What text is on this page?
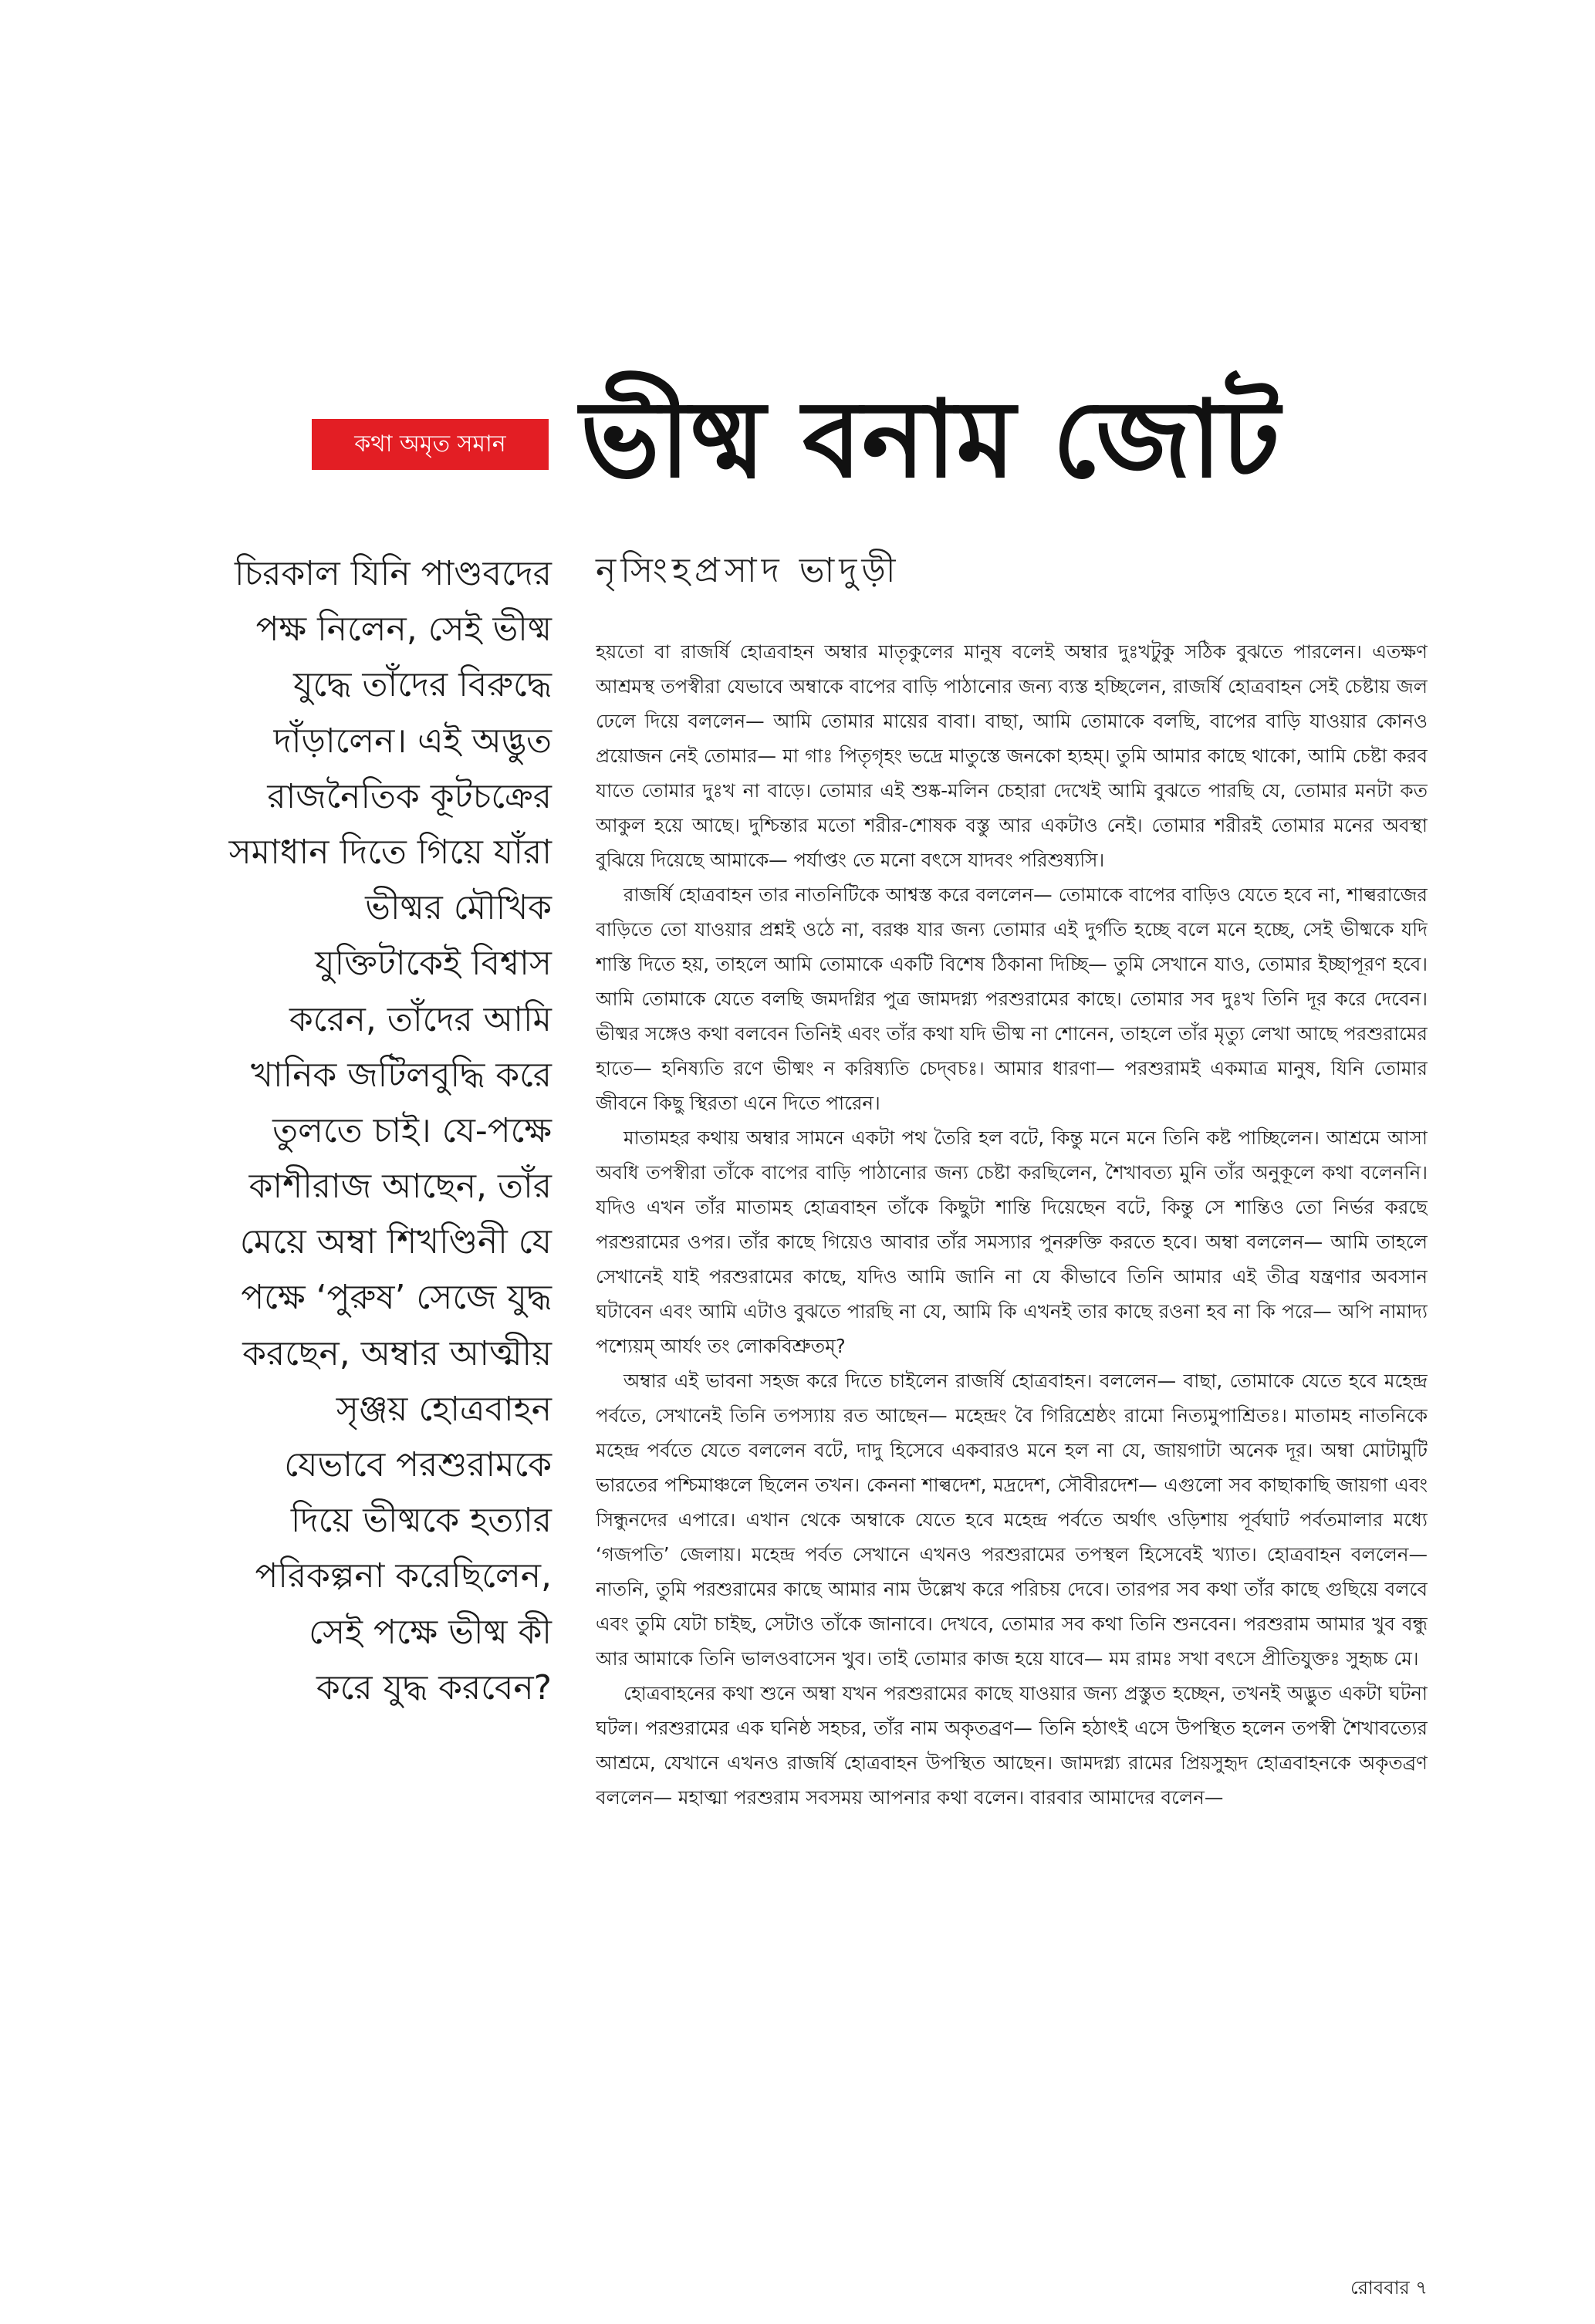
কথা অমৃত সমান ভীষ্ম বনাম জোট
নৃসিংহপ্রসাদ ভাদুড়ী
চিরকাল যিনি পাণ্ডবদের
পক্ষ নিলেন, সেই ভীষ্ম
যুদ্ধে তাঁদের বিরুদ্ধে
দাঁড়ালেন। এই অদ্ভুত
রাজনৈতিক কূটচক্রের
সমাধান দিতে গিয়ে যাঁরা
ভীষ্মর মৌখিক
যুক্তিটাকেই বিশ্বাস
করেন, তাঁদের আমি
খানিক জটিলবুদ্ধি করে
তুলতে চাই। যে-পক্ষে
কাশীরাজ আছেন, তাঁর
মেয়ে অম্বা শিখণ্ডিনী যে
পক্ষে ‘পুরুষ’ সেজে যুদ্ধ
করছেন, অম্বার আত্মীয়
সৃঞ্জয় হোত্রবাহন
যেভাবে পরশুরামকে
দিয়ে ভীষ্মকে হত্যার
পরিকল্পনা করেছিলেন,
সেই পক্ষে ভীষ্ম কী
করে যুদ্ধ করবেন?

হয়তো বা রাজর্ষি হোত্রবাহন অম্বার মাতৃকুলের মানুষ বলেই অম্বার দুঃখটুকু সঠিক বুঝতে পারলেন। এতক্ষণ আশ্রমস্থ তপস্বীরা যেভাবে অম্বাকে বাপের বাড়ি পাঠানোর জন্য ব্যস্ত হচ্ছিলেন, রাজর্ষি হোত্রবাহন সেই চেষ্টায় জল ঢেলে দিয়ে বললেন— আমি তোমার মায়ের বাবা। বাছা, আমি তোমাকে বলছি, বাপের বাড়ি যাওয়ার কোনও প্রয়োজন নেই তোমার— মা গাঃ পিতৃগৃহং ভদ্রে মাতুস্তে জনকো হ্যহম্। তুমি আমার কাছে থাকো, আমি চেষ্টা করব যাতে তোমার দুঃখ না বাড়ে। তোমার এই শুষ্ক-মলিন চেহারা দেখেই আমি বুঝতে পারছি যে, তোমার মনটা কত আকুল হয়ে আছে। দুশ্চিন্তার মতো শরীর-শোষক বস্তু আর একটাও নেই। তোমার শরীরই তোমার মনের অবস্থা বুঝিয়ে দিয়েছে আমাকে— পর্যাপ্তং তে মনো বৎসে যাদবং পরিশুষ্যসি।

রাজর্ষি হোত্রবাহন তার নাতনিটিকে আশ্বস্ত করে বললেন— তোমাকে বাপের বাড়িও যেতে হবে না, শাল্বরাজের বাড়িতে তো যাওয়ার প্রশ্নই ওঠে না, বরঞ্চ যার জন্য তোমার এই দুর্গতি হচ্ছে বলে মনে হচ্ছে, সেই ভীষ্মকে যদি শাস্তি দিতে হয়, তাহলে আমি তোমাকে একটি বিশেষ ঠিকানা দিচ্ছি— তুমি সেখানে যাও, তোমার ইচ্ছাপূরণ হবে। আমি তোমাকে যেতে বলছি জমদগ্নির পুত্র জামদগ্ন্য পরশুরামের কাছে। তোমার সব দুঃখ তিনি দূর করে দেবেন। ভীষ্মর সঙ্গেও কথা বলবেন তিনিই এবং তাঁর কথা যদি ভীষ্ম না শোনেন, তাহলে তাঁর মৃত্যু লেখা আছে পরশুরামের হাতে— হনিষ্যতি রণে ভীষ্মং ন করিষ্যতি চেদ্‌বচঃ। আমার ধারণা— পরশুরামই একমাত্র মানুষ, যিনি তোমার জীবনে কিছু স্থিরতা এনে দিতে পারেন।

মাতামহর কথায় অম্বার সামনে একটা পথ তৈরি হল বটে, কিন্তু মনে মনে তিনি কষ্ট পাচ্ছিলেন। আশ্রমে আসা অবধি তপস্বীরা তাঁকে বাপের বাড়ি পাঠানোর জন্য চেষ্টা করছিলেন, শৈখাবত্য মুনি তাঁর অনুকূলে কথা বলেননি। যদিও এখন তাঁর মাতামহ হোত্রবাহন তাঁকে কিছুটা শান্তি দিয়েছেন বটে, কিন্তু সে শান্তিও তো নির্ভর করছে পরশুরামের ওপর। তাঁর কাছে গিয়েও আবার তাঁর সমস্যার পুনরুক্তি করতে হবে। অম্বা বললেন— আমি তাহলে সেখানেই যাই পরশুরামের কাছে, যদিও আমি জানি না যে কীভাবে তিনি আমার এই তীব্র যন্ত্রণার অবসান ঘটাবেন এবং আমি এটাও বুঝতে পারছি না যে, আমি কি এখনই তার কাছে রওনা হব না কি পরে— অপি নামাদ্য পশ্যেয়ম্ আর্যং তং লোকবিশ্রুতম্?

অম্বার এই ভাবনা সহজ করে দিতে চাইলেন রাজর্ষি হোত্রবাহন। বললেন— বাছা, তোমাকে যেতে হবে মহেন্দ্র পর্বতে, সেখানেই তিনি তপস্যায় রত আছেন— মহেন্দ্রং বৈ গিরিশ্রেষ্ঠং রামো নিত্যমুপাশ্রিতঃ। মাতামহ নাতনিকে মহেন্দ্র পর্বতে যেতে বললেন বটে, দাদু হিসেবে একবারও মনে হল না যে, জায়গাটা অনেক দূর। অম্বা মোটামুটি ভারতের পশ্চিমাঞ্চলে ছিলেন তখন। কেননা শাল্বদেশ, মদ্রদেশ, সৌবীরদেশ— এগুলো সব কাছাকাছি জায়গা এবং সিন্ধুনদের এপারে। এখান থেকে অম্বাকে যেতে হবে মহেন্দ্র পর্বতে অর্থাৎ ওড়িশায় পূর্বঘাট পর্বতমালার মধ্যে ‘গজপতি’ জেলায়। মহেন্দ্র পর্বত সেখানে এখনও পরশুরামের তপস্থল হিসেবেই খ্যাত। হোত্রবাহন বললেন— নাতনি, তুমি পরশুরামের কাছে আমার নাম উল্লেখ করে পরিচয় দেবে। তারপর সব কথা তাঁর কাছে গুছিয়ে বলবে এবং তুমি যেটা চাইছ, সেটাও তাঁকে জানাবে। দেখবে, তোমার সব কথা তিনি শুনবেন। পরশুরাম আমার খুব বন্ধু আর আমাকে তিনি ভালওবাসেন খুব। তাই তোমার কাজ হয়ে যাবে— মম রামঃ সখা বৎসে প্রীতিযুক্তঃ সুহৃচ্চ মে।

হোত্রবাহনের কথা শুনে অম্বা যখন পরশুরামের কাছে যাওয়ার জন্য প্রস্তুত হচ্ছেন, তখনই অদ্ভুত একটা ঘটনা ঘটল। পরশুরামের এক ঘনিষ্ঠ সহচর, তাঁর নাম অকৃতব্রণ— তিনি হঠাৎই এসে উপস্থিত হলেন তপস্বী শৈখাবত্যের আশ্রমে, যেখানে এখনও রাজর্ষি হোত্রবাহন উপস্থিত আছেন। জামদগ্ন্য রামের প্রিয়সুহৃদ হোত্রবাহনকে অকৃতব্রণ বললেন— মহাত্মা পরশুরাম সবসময় আপনার কথা বলেন। বারবার আমাদের বলেন—

রোববার ৭
